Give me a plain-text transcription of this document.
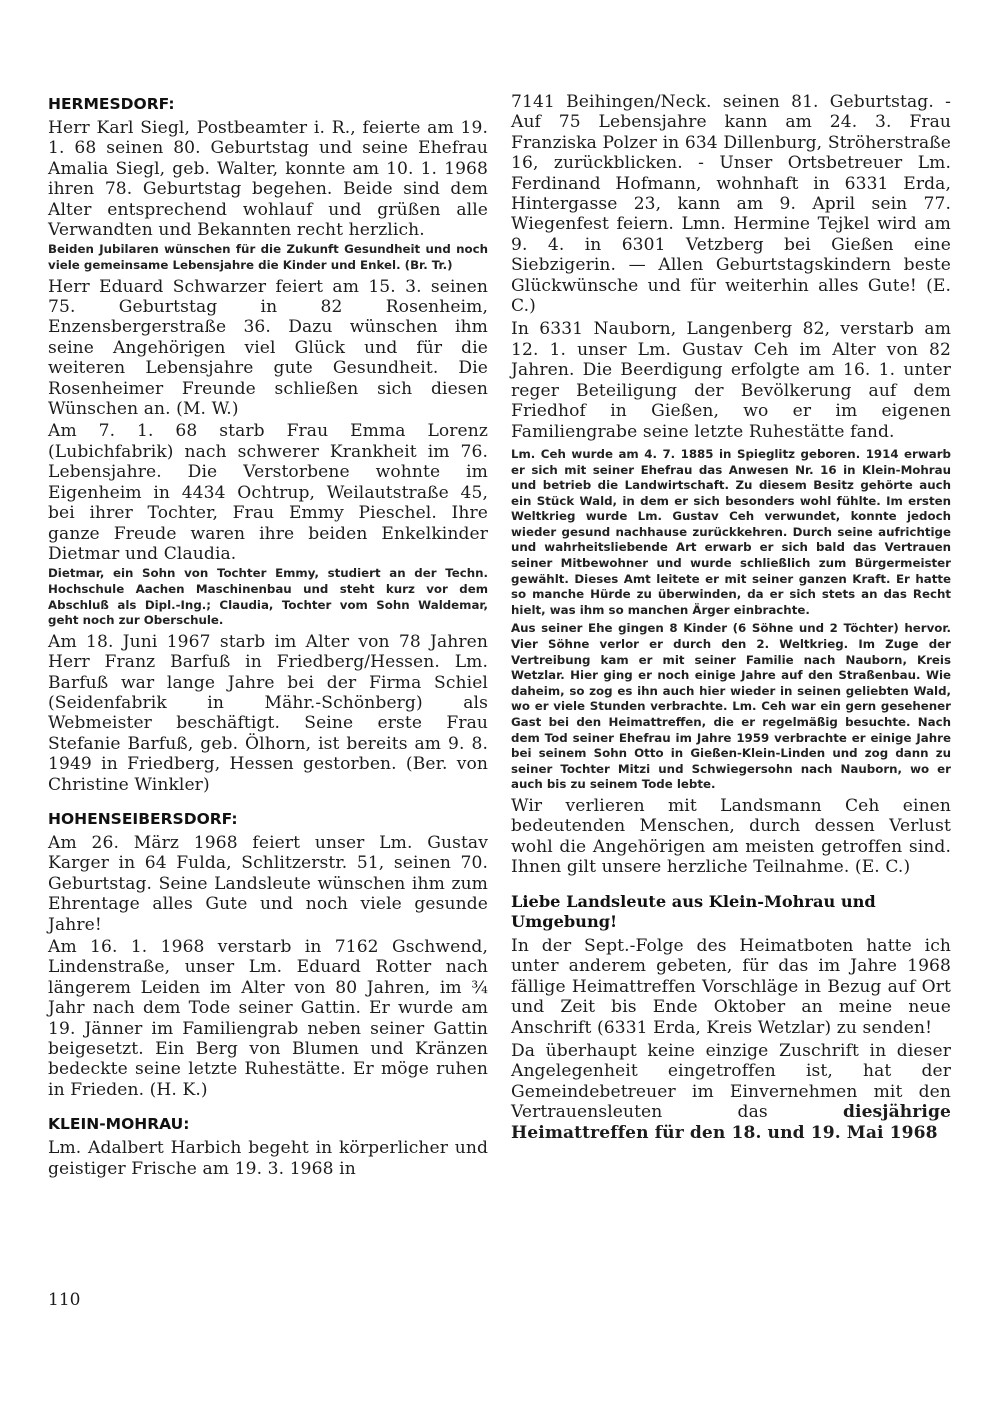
HERMESDORF:

Herr Karl Siegl, Postbeamter i. R., feierte am 19. 1. 68 seinen 80. Geburtstag und seine Ehefrau Amalia Siegl, geb. Walter, konnte am 10. 1. 1968 ihren 78. Geburtstag begehen. Beide sind dem Alter entsprechend wohlauf und grüßen alle Verwandten und Bekannten recht herzlich.

Beiden Jubilaren wünschen für die Zukunft Gesundheit und noch viele gemeinsame Lebensjahre die Kinder und Enkel. (Br. Tr.)

Herr Eduard Schwarzer feiert am 15. 3. seinen 75. Geburtstag in 82 Rosenheim, Enzensbergerstraße 36. Dazu wünschen ihm seine Angehörigen viel Glück und für die weiteren Lebensjahre gute Gesundheit. Die Rosenheimer Freunde schließen sich diesen Wünschen an. (M. W.)

Am 7. 1. 68 starb Frau Emma Lorenz (Lubichfabrik) nach schwerer Krankheit im 76. Lebensjahre. Die Verstorbene wohnte im Eigenheim in 4434 Ochtrup, Weilautstraße 45, bei ihrer Tochter, Frau Emmy Pieschel. Ihre ganze Freude waren ihre beiden Enkelkinder Dietmar und Claudia.

Dietmar, ein Sohn von Tochter Emmy, studiert an der Techn. Hochschule Aachen Maschinenbau und steht kurz vor dem Abschluß als Dipl.-Ing.; Claudia, Tochter vom Sohn Waldemar, geht noch zur Oberschule.

Am 18. Juni 1967 starb im Alter von 78 Jahren Herr Franz Barfuß in Friedberg/Hessen. Lm. Barfuß war lange Jahre bei der Firma Schiel (Seidenfabrik in Mähr.-Schönberg) als Webmeister beschäftigt. Seine erste Frau Stefanie Barfuß, geb. Ölhorn, ist bereits am 9. 8. 1949 in Friedberg, Hessen gestorben. (Ber. von Christine Winkler)

HOHENSEIBERSDORF:

Am 26. März 1968 feiert unser Lm. Gustav Karger in 64 Fulda, Schlitzerstr. 51, seinen 70. Geburtstag. Seine Landsleute wünschen ihm zum Ehrentage alles Gute und noch viele gesunde Jahre!

Am 16. 1. 1968 verstarb in 7162 Gschwend, Lindenstraße, unser Lm. Eduard Rotter nach längerem Leiden im Alter von 80 Jahren, im ¾ Jahr nach dem Tode seiner Gattin. Er wurde am 19. Jänner im Familiengrab neben seiner Gattin beigesetzt. Ein Berg von Blumen und Kränzen bedeckte seine letzte Ruhestätte. Er möge ruhen in Frieden. (H. K.)

KLEIN-MOHRAU:

Lm. Adalbert Harbich begeht in körperlicher und geistiger Frische am 19. 3. 1968 in

7141 Beihingen/Neck. seinen 81. Geburtstag. - Auf 75 Lebensjahre kann am 24. 3. Frau Franziska Polzer in 634 Dillenburg, Ströherstraße 16, zurückblicken. - Unser Ortsbetreuer Lm. Ferdinand Hofmann, wohnhaft in 6331 Erda, Hintergasse 23, kann am 9. April sein 77. Wiegenfest feiern. Lmn. Hermine Tejkel wird am 9. 4. in 6301 Vetzberg bei Gießen eine Siebzigerin. — Allen Geburtstagskindern beste Glückwünsche und für weiterhin alles Gute! (E. C.)

In 6331 Nauborn, Langenberg 82, verstarb am 12. 1. unser Lm. Gustav Ceh im Alter von 82 Jahren. Die Beerdigung erfolgte am 16. 1. unter reger Beteiligung der Bevölkerung auf dem Friedhof in Gießen, wo er im eigenen Familiengrabe seine letzte Ruhestätte fand.

Lm. Ceh wurde am 4. 7. 1885 in Spieglitz geboren. 1914 erwarb er sich mit seiner Ehefrau das Anwesen Nr. 16 in Klein-Mohrau und betrieb die Landwirtschaft. Zu diesem Besitz gehörte auch ein Stück Wald, in dem er sich besonders wohl fühlte. Im ersten Weltkrieg wurde Lm. Gustav Ceh verwundet, konnte jedoch wieder gesund nachhause zurückkehren. Durch seine aufrichtige und wahrheitsliebende Art erwarb er sich bald das Vertrauen seiner Mitbewohner und wurde schließlich zum Bürgermeister gewählt. Dieses Amt leitete er mit seiner ganzen Kraft. Er hatte so manche Hürde zu überwinden, da er sich stets an das Recht hielt, was ihm so manchen Ärger einbrachte.

Aus seiner Ehe gingen 8 Kinder (6 Söhne und 2 Töchter) hervor. Vier Söhne verlor er durch den 2. Weltkrieg. Im Zuge der Vertreibung kam er mit seiner Familie nach Nauborn, Kreis Wetzlar. Hier ging er noch einige Jahre auf den Straßenbau. Wie daheim, so zog es ihn auch hier wieder in seinen geliebten Wald, wo er viele Stunden verbrachte. Lm. Ceh war ein gern gesehener Gast bei den Heimattreffen, die er regelmäßig besuchte. Nach dem Tod seiner Ehefrau im Jahre 1959 verbrachte er einige Jahre bei seinem Sohn Otto in Gießen-Klein-Linden und zog dann zu seiner Tochter Mitzi und Schwiegersohn nach Nauborn, wo er auch bis zu seinem Tode lebte.

Wir verlieren mit Landsmann Ceh einen bedeutenden Menschen, durch dessen Verlust wohl die Angehörigen am meisten getroffen sind. Ihnen gilt unsere herzliche Teilnahme. (E. C.)

Liebe Landsleute aus Klein-Mohrau und Umgebung!

In der Sept.-Folge des Heimatboten hatte ich unter anderem gebeten, für das im Jahre 1968 fällige Heimattreffen Vorschläge in Bezug auf Ort und Zeit bis Ende Oktober an meine neue Anschrift (6331 Erda, Kreis Wetzlar) zu senden!

Da überhaupt keine einzige Zuschrift in dieser Angelegenheit eingetroffen ist, hat der Gemeindebetreuer im Einvernehmen mit den Vertrauensleuten das	diesjährige Heimattreffen für den 18. und 19. Mai 1968

110
